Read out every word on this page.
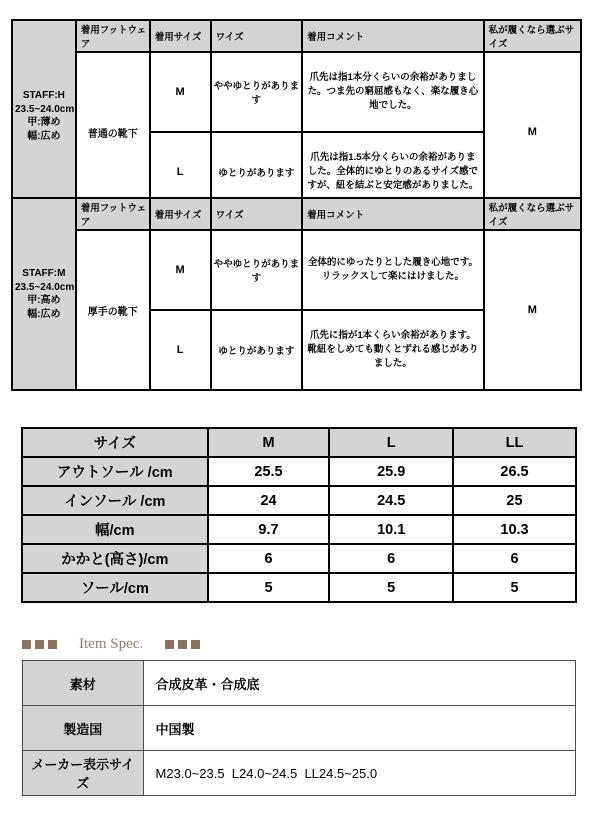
STAFF:H
23.5~24.0cm
甲:薄め
幅:広め	着用フットウェア	着用サイズ	ワイズ	着用コメント	私が履くなら選ぶサイズ
	普通の靴下	M	ややゆとりがあります	爪先は指1本分くらいの余裕がありました。つま先の窮屈感もなく、楽な履き心地でした。	M
		L	ゆとりがあります	爪先は指1.5本分くらいの余裕がありました。全体的にゆとりのあるサイズ感ですが、紐を結ぶと安定感がありました。	
STAFF:M
23.5~24.0cm
甲:高め
幅:広め	着用フットウェア	着用サイズ	ワイズ	着用コメント	私が履くなら選ぶサイズ
	厚手の靴下	M	ややゆとりがあります	全体的にゆったりとした履き心地です。リラックスして楽にはけました。	M
		L	ゆとりがあります	爪先に指が1本くらい余裕があります。靴紐をしめても動くとずれる感じがありました。	
サイズ	M	L	LL
アウトソール /cm	25.5	25.9	26.5
インソール /cm	24	24.5	25
幅/cm	9.7	10.1	10.3
かかと(高さ)/cm	6	6	6
ソール/cm	5	5	5
Item Spec.
素材	合成皮革・合成底
製造国	中国製
メーカー表示サイズ	M23.0~23.5  L24.0~24.5  LL24.5~25.0
